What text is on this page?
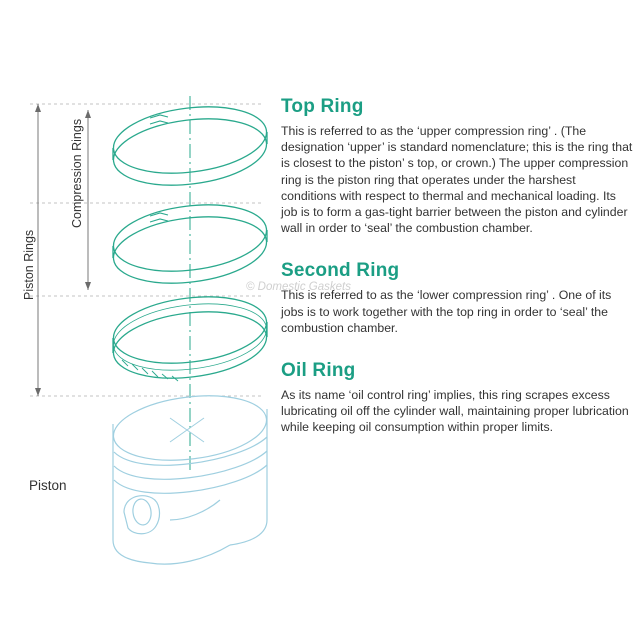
Piston Rings
Compression Rings
Piston
© Domestic Gaskets
Top Ring

This is referred to as the ‘upper compression ring’ . (The designation ‘upper’ is standard nomenclature; this is the ring that is closest to the piston’ s top, or crown.) The upper compression ring is the piston ring that operates under the harshest conditions with respect to thermal and mechanical loading. Its job is to form a gas-tight barrier between the piston and cylinder wall in order to ‘seal’ the combustion chamber.

Second Ring

This is referred to as the ‘lower compression ring’ . One of its jobs is to work together with the top ring in order to ‘seal’ the combustion chamber.

Oil Ring

As its name ‘oil control ring’ implies, this ring scrapes excess lubricating oil off the cylinder wall, maintaining proper lubrication while keeping oil consumption within proper limits.
